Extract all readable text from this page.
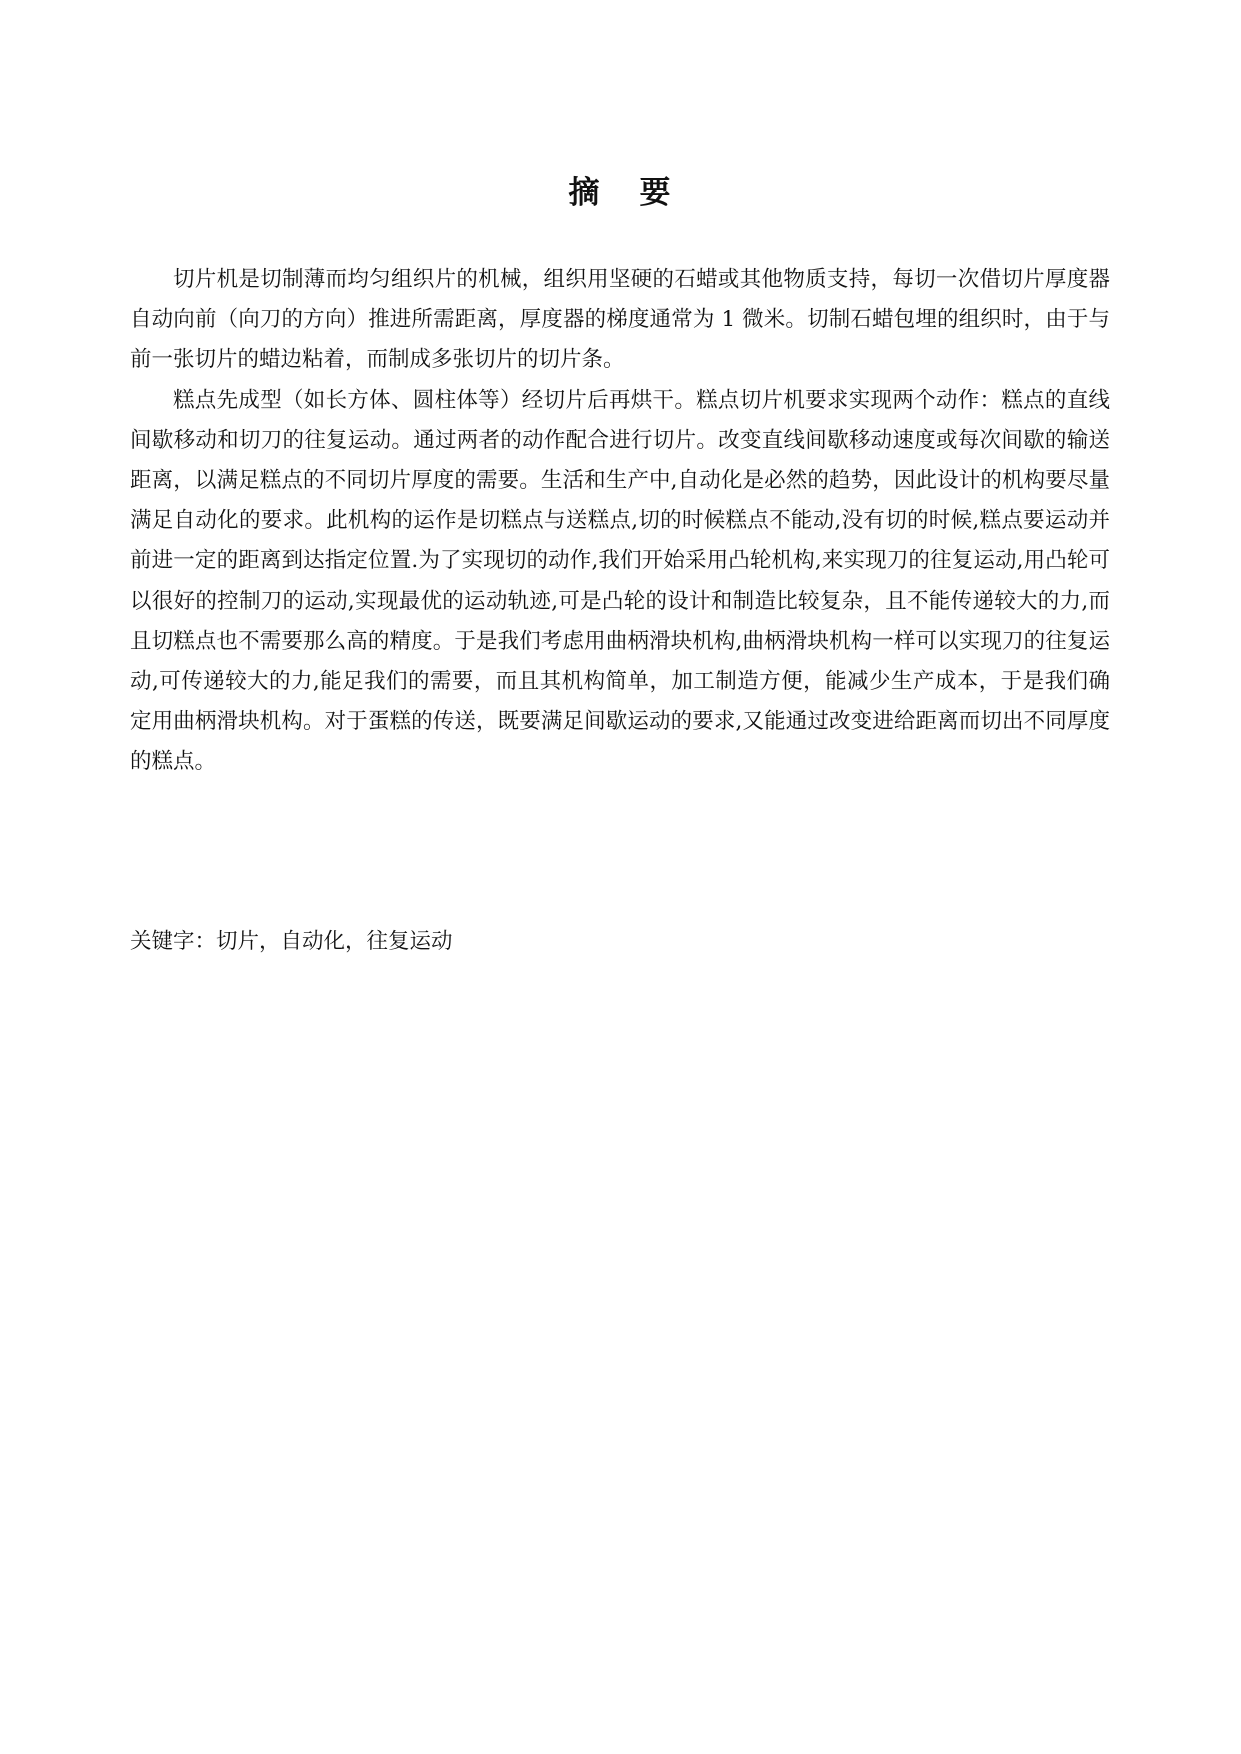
摘 要

切片机是切制薄而均匀组织片的机械，组织用坚硬的石蜡或其他物质支持，每切一次借切片厚度器自动向前（向刀的方向）推进所需距离，厚度器的梯度通常为 1 微米。切制石蜡包埋的组织时，由于与前一张切片的蜡边粘着，而制成多张切片的切片条。

糕点先成型（如长方体、圆柱体等）经切片后再烘干。糕点切片机要求实现两个动作：糕点的直线间歇移动和切刀的往复运动。通过两者的动作配合进行切片。改变直线间歇移动速度或每次间歇的输送距离，以满足糕点的不同切片厚度的需要。生活和生产中,自动化是必然的趋势，因此设计的机构要尽量满足自动化的要求。此机构的运作是切糕点与送糕点,切的时候糕点不能动,没有切的时候,糕点要运动并前进一定的距离到达指定位置.为了实现切的动作,我们开始采用凸轮机构,来实现刀的往复运动,用凸轮可以很好的控制刀的运动,实现最优的运动轨迹,可是凸轮的设计和制造比较复杂，且不能传递较大的力,而且切糕点也不需要那么高的精度。于是我们考虑用曲柄滑块机构,曲柄滑块机构一样可以实现刀的往复运动,可传递较大的力,能足我们的需要，而且其机构简单，加工制造方便，能减少生产成本，于是我们确定用曲柄滑块机构。对于蛋糕的传送，既要满足间歇运动的要求,又能通过改变进给距离而切出不同厚度的糕点。

关键字：切片，自动化，往复运动
